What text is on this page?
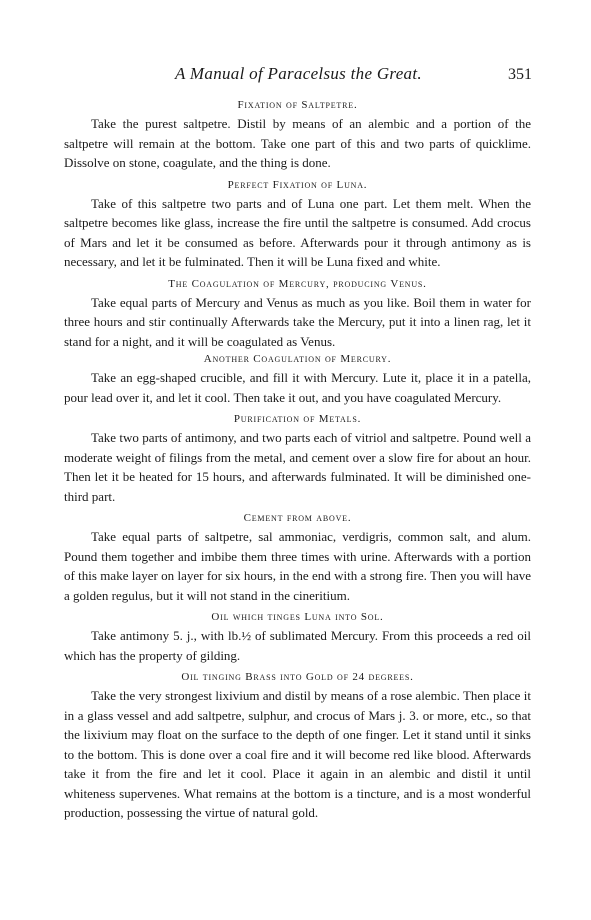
A Manual of Paracelsus the Great.	351
Fixation of Saltpetre.

Take the purest saltpetre. Distil by means of an alembic and a portion of the saltpetre will remain at the bottom. Take one part of this and two parts of quicklime. Dissolve on stone, coagulate, and the thing is done.

Perfect Fixation of Luna.

Take of this saltpetre two parts and of Luna one part. Let them melt. When the saltpetre becomes like glass, increase the fire until the saltpetre is consumed. Add crocus of Mars and let it be consumed as before. Afterwards pour it through antimony as is necessary, and let it be fulminated. Then it will be Luna fixed and white.

The Coagulation of Mercury, producing Venus.

Take equal parts of Mercury and Venus as much as you like. Boil them in water for three hours and stir continually Afterwards take the Mercury, put it into a linen rag, let it stand for a night, and it will be coagulated as Venus.

Another Coagulation of Mercury.

Take an egg-shaped crucible, and fill it with Mercury. Lute it, place it in a patella, pour lead over it, and let it cool. Then take it out, and you have coagulated Mercury.

Purification of Metals.

Take two parts of antimony, and two parts each of vitriol and saltpetre. Pound well a moderate weight of filings from the metal, and cement over a slow fire for about an hour. Then let it be heated for 15 hours, and afterwards fulminated. It will be diminished one-third part.

Cement from above.

Take equal parts of saltpetre, sal ammoniac, verdigris, common salt, and alum. Pound them together and imbibe them three times with urine. Afterwards with a portion of this make layer on layer for six hours, in the end with a strong fire. Then you will have a golden regulus, but it will not stand in the cineritium.

Oil which tinges Luna into Sol.

Take antimony 5. j., with lb.½ of sublimated Mercury. From this proceeds a red oil which has the property of gilding.

Oil tinging Brass into Gold of 24 degrees.

Take the very strongest lixivium and distil by means of a rose alembic. Then place it in a glass vessel and add saltpetre, sulphur, and crocus of Mars j. 3. or more, etc., so that the lixivium may float on the surface to the depth of one finger. Let it stand until it sinks to the bottom. This is done over a coal fire and it will become red like blood. Afterwards take it from the fire and let it cool. Place it again in an alembic and distil it until whiteness supervenes. What remains at the bottom is a tincture, and is a most wonderful production, possessing the virtue of natural gold.
